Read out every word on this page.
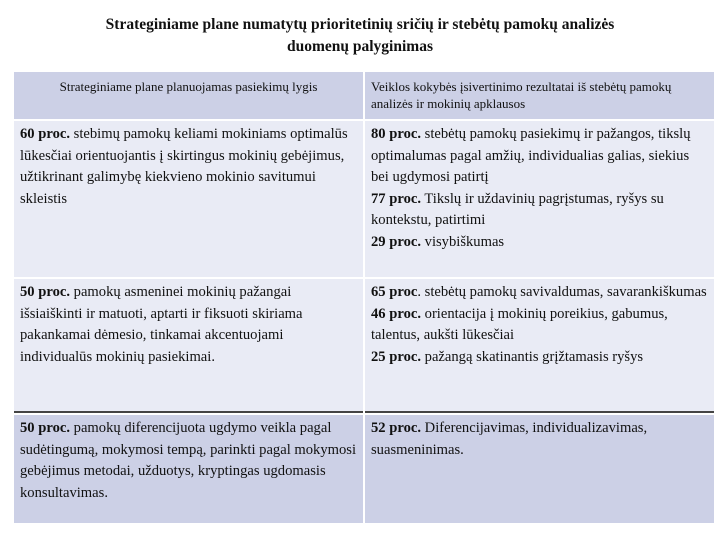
Strateginiame plane numatytų prioritetinių sričių ir stebėtų pamokų analizės
duomenų palyginimas
Strateginiame plane planuojamas pasiekimų lygis	Veiklos kokybės įsivertinimo rezultatai iš stebėtų pamokų analizės ir mokinių apklausos
60 proc. stebimų pamokų keliami mokiniams optimalūs lūkesčiai orientuojantis į skirtingus mokinių gebėjimus, užtikrinant galimybę kiekvieno mokinio savitumui skleistis	80 proc. stebėtų pamokų pasiekimų ir pažangos, tikslų optimalumas pagal amžių, individualias galias, siekius bei ugdymosi patirtį
77 proc. Tikslų ir uždavinių pagrįstumas, ryšys su kontekstu, patirtimi
29 proc. visybiškumas

50 proc. pamokų asmeninei mokinių pažangai išsiaiškinti ir matuoti, aptarti ir fiksuoti skiriama pakankamai dėmesio, tinkamai akcentuojami individualūs mokinių pasiekimai.	65 proc. stebėtų pamokų savivaldumas, savarankiškumas
46 proc. orientacija į mokinių poreikius, gabumus, talentus, aukšti lūkesčiai
25 proc. pažangą skatinantis grįžtamasis ryšys

50 proc. pamokų diferencijuota ugdymo veikla pagal sudėtingumą, mokymosi tempą, parinkti pagal mokymosi gebėjimus metodai, užduotys, kryptingas ugdomasis konsultavimas.	52 proc. Diferencijavimas, individualizavimas, suasmeninimas.
